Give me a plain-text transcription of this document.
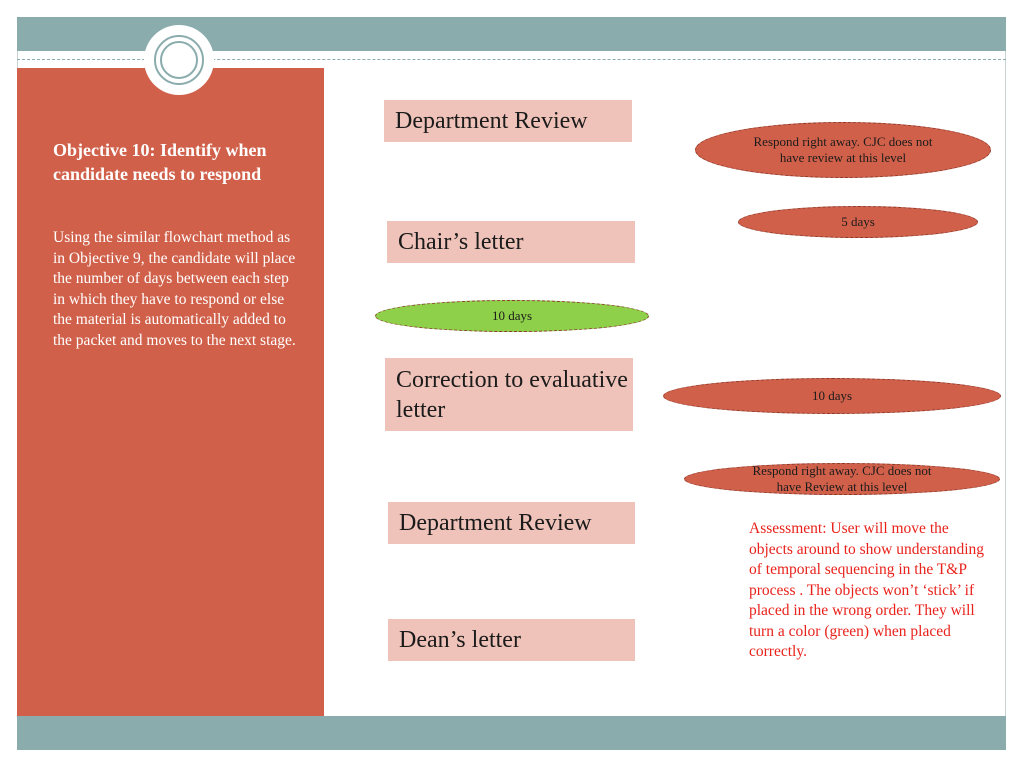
Objective 10: Identify when candidate needs to respond
Using the similar flowchart method as in Objective 9, the candidate will place the number of days between each step in which they have to respond or else the material is automatically added to the packet and moves to the next stage.
Department Review
Chair’s letter
Correction to evaluative letter
Department Review
Dean’s letter
Respond right away. CJC does not have review at this level
5 days
10 days
10 days
Respond right away. CJC does not have Review at this level
Assessment: User will move the objects around to show understanding of temporal sequencing in the T&P process . The objects won’t ‘stick’ if placed in the wrong order. They will turn a color (green) when placed correctly.
